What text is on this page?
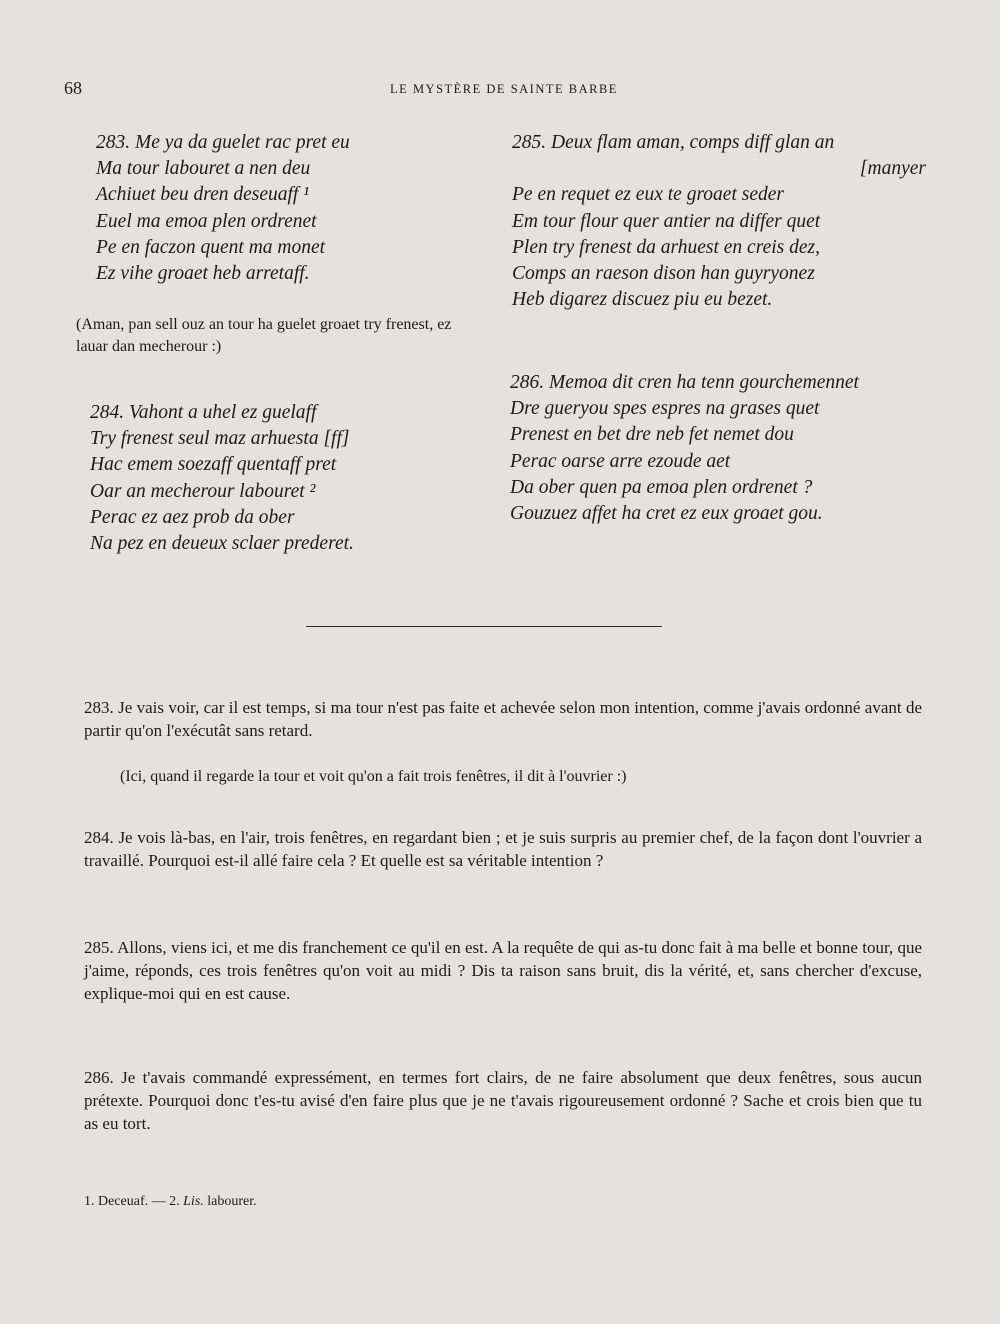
68	LE MYSTÈRE DE SAINTE BARBE
283. Me ya da guelet rac pret eu
Ma tour labouret a nen deu
Achiuet beu dren deseuaff ¹
Euel ma emoa plen ordrenet
Pe en faczon quent ma monet
Ez vihe groaet heb arretaff.
(Aman, pan sell ouz an tour ha guelet groaet try frenest, ez lauar dan mecherour :)
284. Vahont a uhel ez guelaff
Try frenest seul maz arhuesta [ff]
Hac emem soezaff quentaff pret
Oar an mecherour labouret ²
Perac ez aez prob da ober
Na pez en deueux sclaer prederet.
285. Deux flam aman, comps diff glan an
[manyer
Pe en requet ez eux te groaet seder
Em tour flour quer antier na differ quet
Plen try frenest da arhuest en creis dez,
Comps an raeson dison han guyryonez
Heb digarez discuez piu eu bezet.
286. Memoa dit cren ha tenn gourchemennet
Dre gueryou spes espres na grases quet
Prenest en bet dre neb fet nemet dou
Perac oarse arre ezoude aet
Da ober quen pa emoa plen ordrenet ?
Gouzuez affet ha cret ez eux groaet gou.

283. Je vais voir, car il est temps, si ma tour n'est pas faite et achevée selon mon intention, comme j'avais ordonné avant de partir qu'on l'exécutât sans retard.

(Ici, quand il regarde la tour et voit qu'on a fait trois fenêtres, il dit à l'ouvrier :)

284. Je vois là-bas, en l'air, trois fenêtres, en regardant bien ; et je suis surpris au premier chef, de la façon dont l'ouvrier a travaillé. Pourquoi est-il allé faire cela ? Et quelle est sa véritable intention ?

285. Allons, viens ici, et me dis franchement ce qu'il en est. A la requête de qui as-tu donc fait à ma belle et bonne tour, que j'aime, réponds, ces trois fenêtres qu'on voit au midi ? Dis ta raison sans bruit, dis la vérité, et, sans chercher d'excuse, explique-moi qui en est cause.

286. Je t'avais commandé expressément, en termes fort clairs, de ne faire absolument que deux fenêtres, sous aucun prétexte. Pourquoi donc t'es-tu avisé d'en faire plus que je ne t'avais rigoureusement ordonné ? Sache et crois bien que tu as eu tort.

1. Deceuaf. — 2. Lis. labourer.
